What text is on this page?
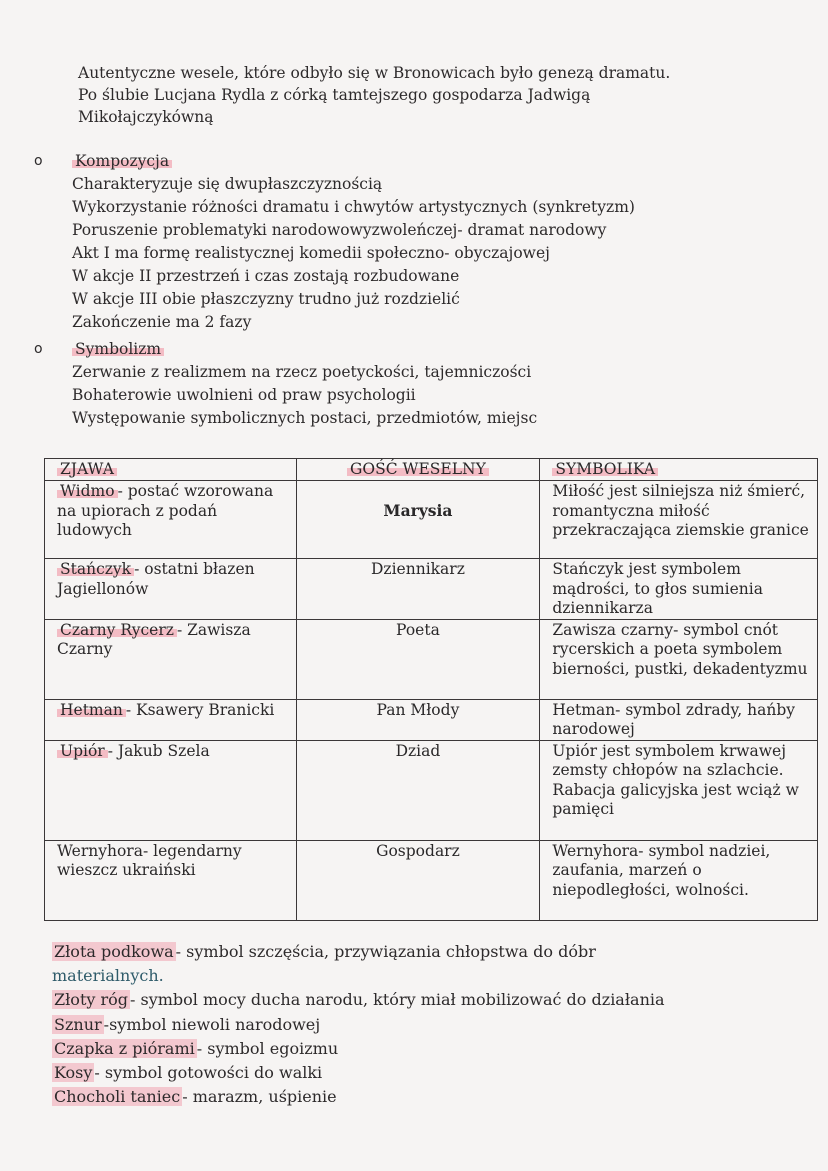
Autentyczne wesele, które odbyło się w Bronowicach było genezą dramatu.
Po ślubie Lucjana Rydla z córką tamtejszego gospodarza Jadwigą
Mikołajczykówną
o Kompozycja
Charakteryzuje się dwupłaszczyznością
Wykorzystanie różności dramatu i chwytów artystycznych (synkretyzm)
Poruszenie problematyki narodowowyzwoleńczej- dramat narodowy
Akt I ma formę realistycznej komedii społeczno- obyczajowej
W akcje II przestrzeń i czas zostają rozbudowane
W akcje III obie płaszczyzny trudno już rozdzielić
Zakończenie ma 2 fazy
o Symbolizm
Zerwanie z realizmem na rzecz poetyckości, tajemniczości
Bohaterowie uwolnieni od praw psychologii
Występowanie symbolicznych postaci, przedmiotów, miejsc
ZJAWA	GOŚĆ WESELNY	SYMBOLIKA
Widmo - postać wzorowana na upiorach z podań ludowych	Marysia	Miłość jest silniejsza niż śmierć, romantyczna miłość przekraczająca ziemskie granice
Stańczyk - ostatni błazen Jagiellonów	Dziennikarz	Stańczyk jest symbolem mądrości, to głos sumienia dziennikarza
Czarny Rycerz - Zawisza Czarny	Poeta	Zawisza czarny- symbol cnót rycerskich a poeta symbolem bierności, pustki, dekadentyzmu
Hetman - Ksawery Branicki	Pan Młody	Hetman- symbol zdrady, hańby narodowej
Upiór - Jakub Szela	Dziad	Upiór jest symbolem krwawej zemsty chłopów na szlachcie. Rabacja galicyjska jest wciąż w pamięci
Wernyhora- legendarny wieszcz ukraiński	Gospodarz	Wernyhora- symbol nadziei, zaufania, marzeń o niepodległości, wolności.
Złota podkowa - symbol szczęścia, przywiązania chłopstwa do dóbr
materialnych.
Złoty róg - symbol mocy ducha narodu, który miał mobilizować do działania
Sznur -symbol niewoli narodowej
Czapka z piórami - symbol egoizmu
Kosy - symbol gotowości do walki
Chocholi taniec - marazm, uśpienie
